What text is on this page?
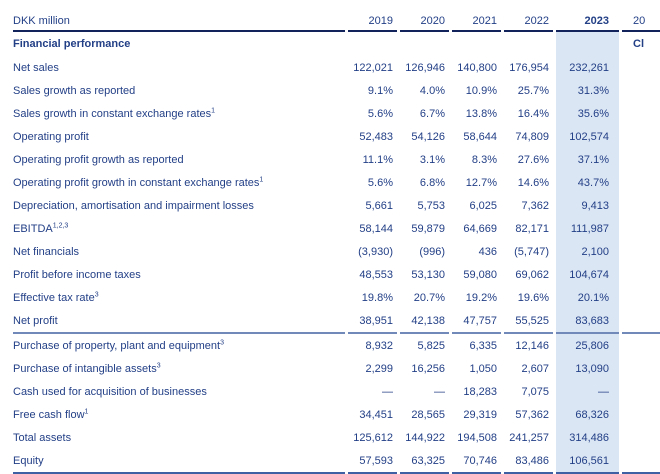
DKK million	2019	2020	2021	2022	2023	20
Financial performance						Cl
Net sales	122,021	126,946	140,800	176,954	232,261	
Sales growth as reported	9.1%	4.0%	10.9%	25.7%	31.3%	
Sales growth in constant exchange rates$^1$	5.6%	6.7%	13.8%	16.4%	35.6%	
Operating profit	52,483	54,126	58,644	74,809	102,574	
Operating profit growth as reported	11.1%	3.1%	8.3%	27.6%	37.1%	
Operating profit growth in constant exchange rates$^1$	5.6%	6.8%	12.7%	14.6%	43.7%	
Depreciation, amortisation and impairment losses	5,661	5,753	6,025	7,362	9,413	
EBITDA$^{1,2,3}$	58,144	59,879	64,669	82,171	111,987	
Net financials	(3,930)	(996)	436	(5,747)	2,100	
Profit before income taxes	48,553	53,130	59,080	69,062	104,674	
Effective tax rate$^3$	19.8%	20.7%	19.2%	19.6%	20.1%	
Net profit	38,951	42,138	47,757	55,525	83,683	
Purchase of property, plant and equipment$^3$	8,932	5,825	6,335	12,146	25,806	
Purchase of intangible assets$^3$	2,299	16,256	1,050	2,607	13,090	
Cash used for acquisition of businesses	—	—	18,283	7,075	—	
Free cash flow$^1$	34,451	28,565	29,319	57,362	68,326	
Total assets	125,612	144,922	194,508	241,257	314,486	
Equity	57,593	63,325	70,746	83,486	106,561	
